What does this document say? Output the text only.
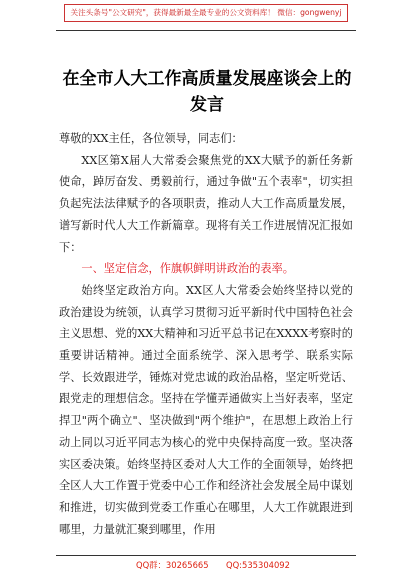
关注头条号"公文研究"，获得最新最全最专业的公文资料库！ 微信：gongwenyj
在全市人大工作高质量发展座谈会上的发言

尊敬的XX主任，各位领导，同志们：

XX区第X届人大常委会聚焦党的XX大赋予的新任务新使命，踔厉奋发、勇毅前行，通过争做"五个表率"，切实担负起宪法法律赋予的各项职责，推动人大工作高质量发展，谱写新时代人大工作新篇章。现将有关工作进展情况汇报如下：

一、坚定信念，作旗帜鲜明讲政治的表率。

始终坚定政治方向。XX区人大常委会始终坚持以党的政治建设为统领，认真学习贯彻习近平新时代中国特色社会主义思想、党的XX大精神和习近平总书记在XXXX考察时的重要讲话精神。通过全面系统学、深入思考学、联系实际学、长效跟进学，锤炼对党忠诚的政治品格，坚定听党话、跟党走的理想信念。坚持在学懂弄通做实上当好表率，坚定捍卫"两个确立"、坚决做到"两个维护"，在思想上政治上行动上同以习近平同志为核心的党中央保持高度一致。坚决落实区委决策。始终坚持区委对人大工作的全面领导，始终把全区人大工作置于党委中心工作和经济社会发展全局中谋划和推进，切实做到党委工作重心在哪里，人大工作就跟进到哪里，力量就汇聚到哪里，作用

QQ群：30265665 QQ:535304092
